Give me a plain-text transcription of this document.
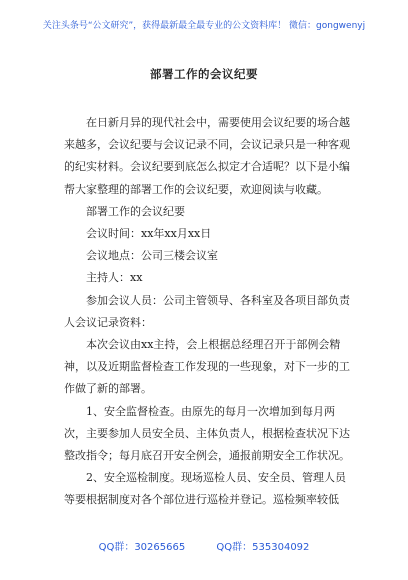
关注头条号“公文研究”，获得最新最全最专业的公文资料库！ 微信：gongwenyj
部署工作的会议纪要

在日新月异的现代社会中，需要使用会议纪要的场合越来越多，会议纪要与会议记录不同，会议记录只是一种客观的纪实材料。会议纪要到底怎么拟定才合适呢？以下是小编帮大家整理的部署工作的会议纪要，欢迎阅读与收藏。

部署工作的会议纪要

会议时间：xx年xx月xx日

会议地点：公司三楼会议室

主持人：xx

参加会议人员：公司主管领导、各科室及各项目部负责人会议记录资料：

本次会议由xx主持，会上根据总经理召开于部例会精神，以及近期监督检查工作发现的一些现象，对下一步的工作做了新的部署。

1、安全监督检查。由原先的每月一次增加到每月两次，主要参加人员安全员、主体负责人，根据检查状况下达整改指令；每月底召开安全例会，通报前期安全工作状况。

2、安全巡检制度。现场巡检人员、安全员、管理人员等要根据制度对各个部位进行巡检并登记。巡检频率较低

QQ群：30265665	QQ群：535304092
